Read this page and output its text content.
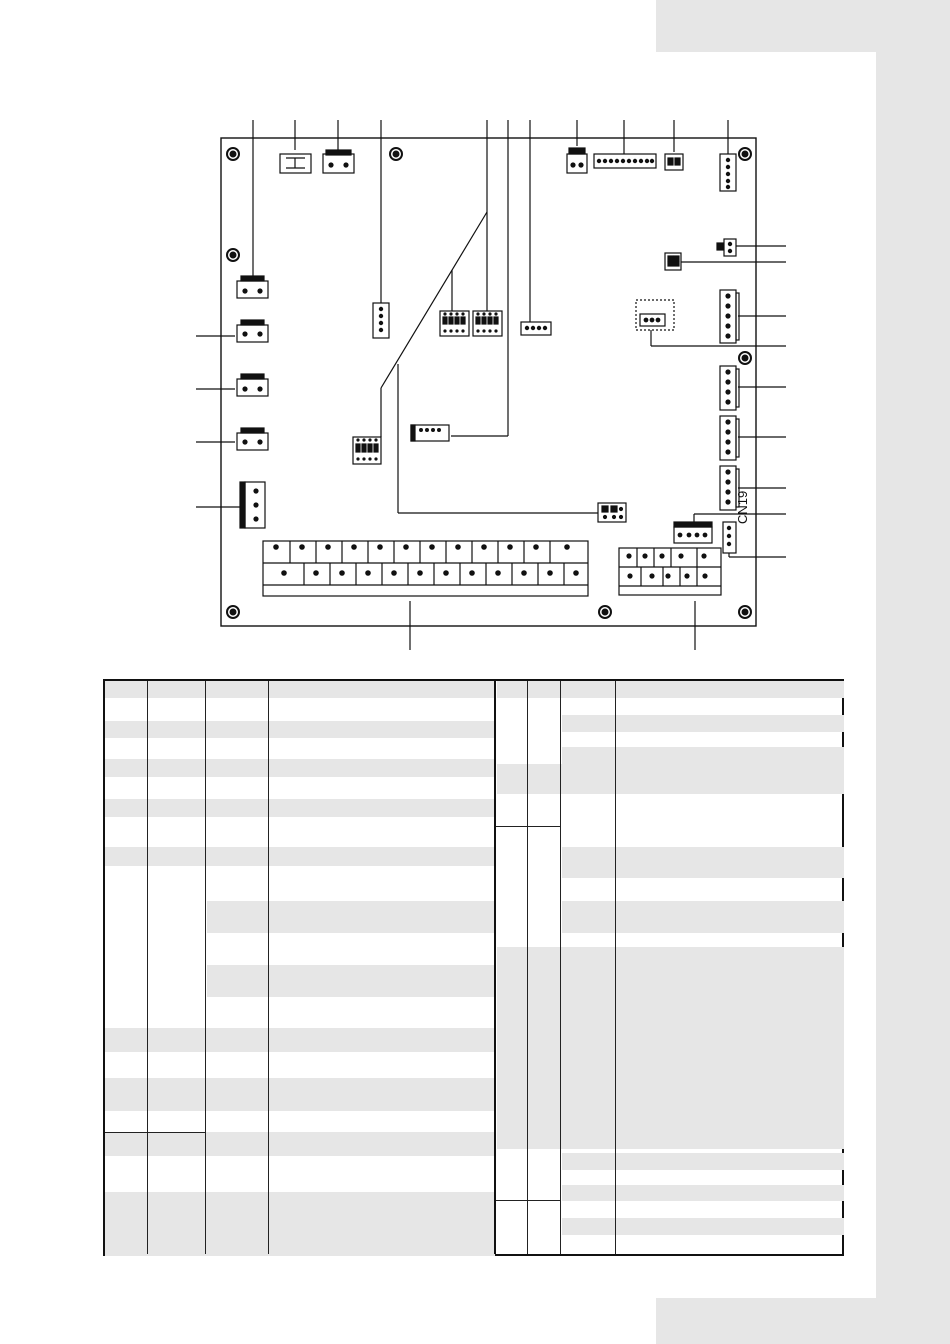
CN19
